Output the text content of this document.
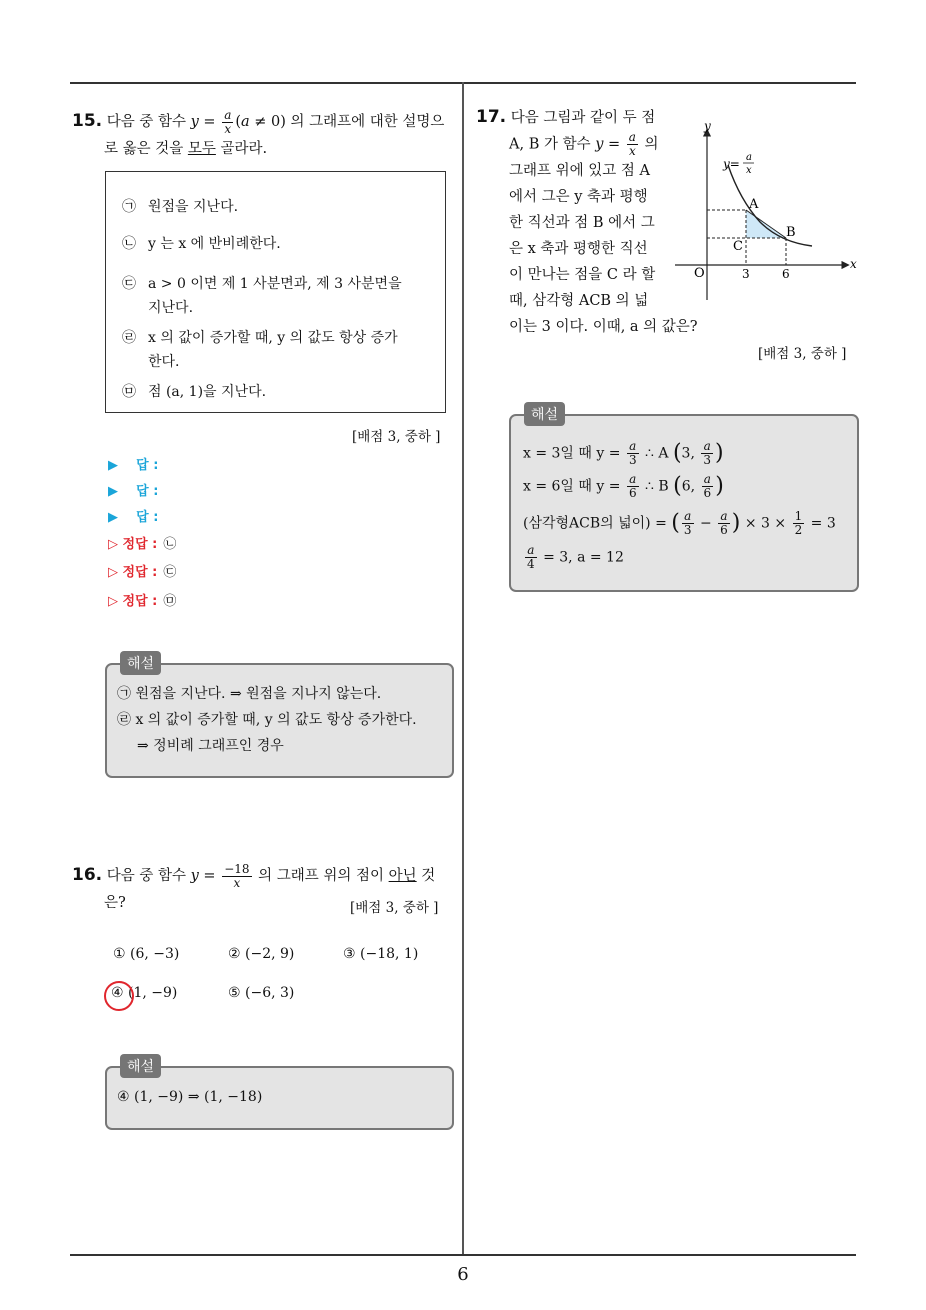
6
15. 다음 중 함수 $y = \frac{a}{x} (a \ne 0)$ 의 그래프에 대한 설명으
로 옳은 것을 모두 골라라.
㉠ 원점을 지난다.
㉡ y 는 x 에 반비례한다.
㉢ a > 0 이면 제 1 사분면과, 제 3 사분면을
지난다.
㉣ x 의 값이 증가할 때, y 의 값도 항상 증가
한다.
㉤ 점 (a, 1)을 지난다.
[배점 3, 중하 ]
▶    답 :
▶    답 :
▶    답 :
▷ 정답 : ㉡
▷ 정답 : ㉢
▷ 정답 : ㉤
㉠ 원점을 지난다. ⇒ 원점을 지나지 않는다.
㉣ x 의 값이 증가할 때, y 의 값도 항상 증가한다.
⇒ 정비례 그래프인 경우
해설
16. 다음 중 함수 $y = \frac{-18}{x}$ 의 그래프 위의 점이 아닌 것
은?	[배점 3, 중하 ]
① (6, −3)	② (−2, 9)	③ (−18, 1)
④ (1, −9)	⑤ (−6, 3)
④ (1, −9) ⇒ (1, −18)
해설
17. 다음 그림과 같이 두 점
A, B 가 함수 $y = \frac{a}{x}$ 의
그래프 위에 있고 점 A
에서 그은 y 축과 평행
한 직선과 점 B 에서 그
은 x 축과 평행한 직선
이 만나는 점을 C 라 할
때, 삼각형 ACB 의 넓
이는 3 이다. 이때, a 의 값은?
[배점 3, 중하 ]
y
x
O	3	6
A
B
C
y= a
x
x = 3일 때 $y = \frac{a}{3}$ ∴ A (3, $\frac{a}{3}$ )
x = 6일 때 $y = \frac{a}{6}$ ∴ B (6, $\frac{a}{6}$ )
(삼각형ACB의 넓이) = ( $\frac{a}{3} - \frac{a}{6}$ ) × $3 \times \frac{1}{2} = 3$
$\frac{a}{4} = 3$, a = 12
해설
